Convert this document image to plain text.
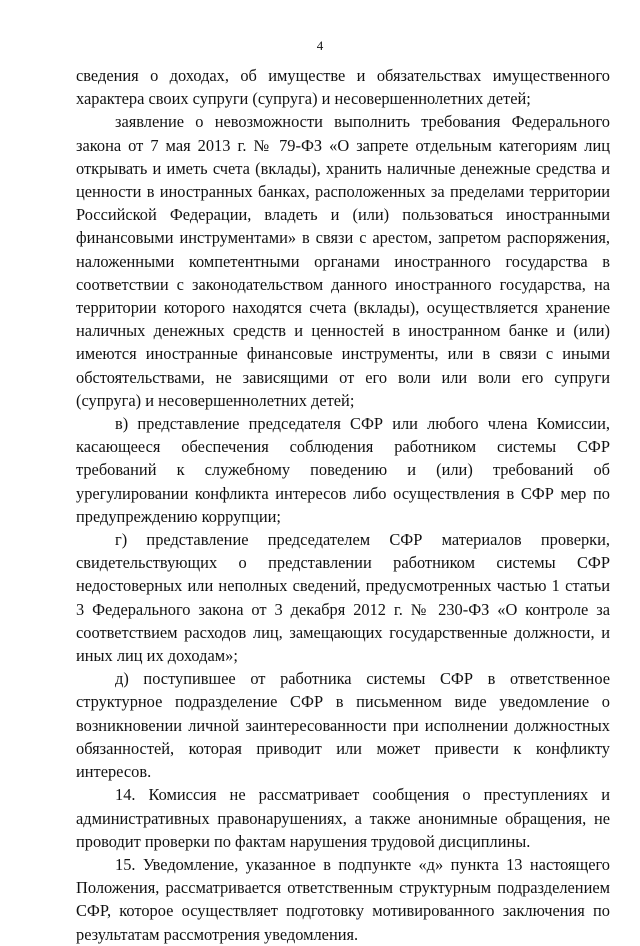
4

сведения о доходах, об имуществе и обязательствах имущественного характера своих супруги (супруга) и несовершеннолетних детей;

заявление о невозможности выполнить требования Федерального закона от 7 мая 2013 г. № 79-ФЗ «О запрете отдельным категориям лиц открывать и иметь счета (вклады), хранить наличные денежные средства и ценности в иностранных банках, расположенных за пределами территории Российской Федерации, владеть и (или) пользоваться иностранными финансовыми инструментами» в связи с арестом, запретом распоряжения, наложенными компетентными органами иностранного государства в соответствии с законодательством данного иностранного государства, на территории которого находятся счета (вклады), осуществляется хранение наличных денежных средств и ценностей в иностранном банке и (или) имеются иностранные финансовые инструменты, или в связи с иными обстоятельствами, не зависящими от его воли или воли его супруги (супруга) и несовершеннолетних детей;

в) представление председателя СФР или любого члена Комиссии, касающееся обеспечения соблюдения работником системы СФР требований к служебному поведению и (или) требований об урегулировании конфликта интересов либо осуществления в СФР мер по предупреждению коррупции;

г) представление председателем СФР материалов проверки, свидетельствующих о представлении работником системы СФР недостоверных или неполных сведений, предусмотренных частью 1 статьи 3 Федерального закона от 3 декабря 2012 г. № 230-ФЗ «О контроле за соответствием расходов лиц, замещающих государственные должности, и иных лиц их доходам»;

д) поступившее от работника системы СФР в ответственное структурное подразделение СФР в письменном виде уведомление о возникновении личной заинтересованности при исполнении должностных обязанностей, которая приводит или может привести к конфликту интересов.

14. Комиссия не рассматривает сообщения о преступлениях и административных правонарушениях, а также анонимные обращения, не проводит проверки по фактам нарушения трудовой дисциплины.

15. Уведомление, указанное в подпункте «д» пункта 13 настоящего Положения, рассматривается ответственным структурным подразделением СФР, которое осуществляет подготовку мотивированного заключения по результатам рассмотрения уведомления.
